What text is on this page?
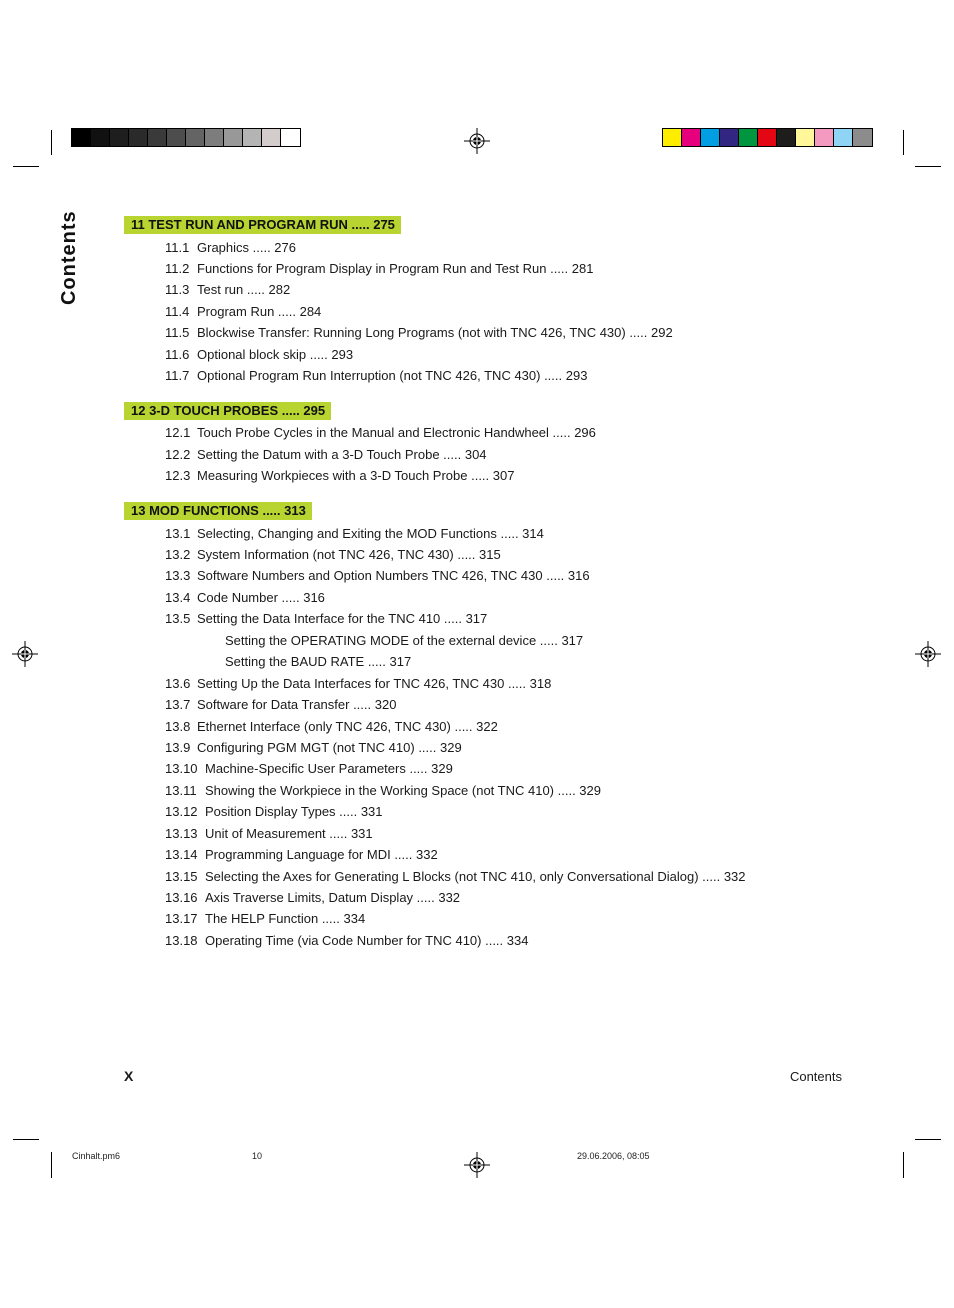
Contents	11 TEST RUN AND PROGRAM RUN ..... 275
11.1 Graphics ..... 276
11.2 Functions for Program Display in Program Run and Test Run ..... 281
11.3 Test run ..... 282
11.4 Program Run ..... 284
11.5 Blockwise Transfer: Running Long Programs (not with TNC 426, TNC 430) ..... 292
11.6 Optional block skip ..... 293
11.7 Optional Program Run Interruption (not TNC 426, TNC 430) ..... 293
12 3-D TOUCH PROBES ..... 295
12.1 Touch Probe Cycles in the Manual and Electronic Handwheel ..... 296
12.2 Setting the Datum with a 3-D Touch Probe ..... 304
12.3 Measuring Workpieces with a 3-D Touch Probe ..... 307
13 MOD FUNCTIONS ..... 313
13.1 Selecting, Changing and Exiting the MOD Functions ..... 314
13.2 System Information (not TNC 426, TNC 430) ..... 315
13.3 Software Numbers and Option Numbers TNC 426, TNC 430 ..... 316
13.4 Code Number ..... 316
13.5 Setting the Data Interface for the TNC 410 ..... 317
Setting the OPERATING MODE of the external device ..... 317
Setting the BAUD RATE ..... 317
13.6 Setting Up the Data Interfaces for TNC 426, TNC 430 ..... 318
13.7 Software for Data Transfer ..... 320
13.8 Ethernet Interface (only TNC 426, TNC 430) ..... 322
13.9 Configuring PGM MGT (not TNC 410) ..... 329
13.10 Machine-Specific User Parameters ..... 329
13.11 Showing the Workpiece in the Working Space (not TNC 410) ..... 329
13.12 Position Display Types ..... 331
13.13 Unit of Measurement ..... 331
13.14 Programming Language for MDI ..... 332
13.15 Selecting the Axes for Generating L Blocks (not TNC 410, only Conversational Dialog) ..... 332
13.16 Axis Traverse Limits, Datum Display ..... 332
13.17 The HELP Function ..... 334
13.18 Operating Time (via Code Number for TNC 410) ..... 334
X	Contents
Cinhalt.pm6	10	29.06.2006, 08:05
